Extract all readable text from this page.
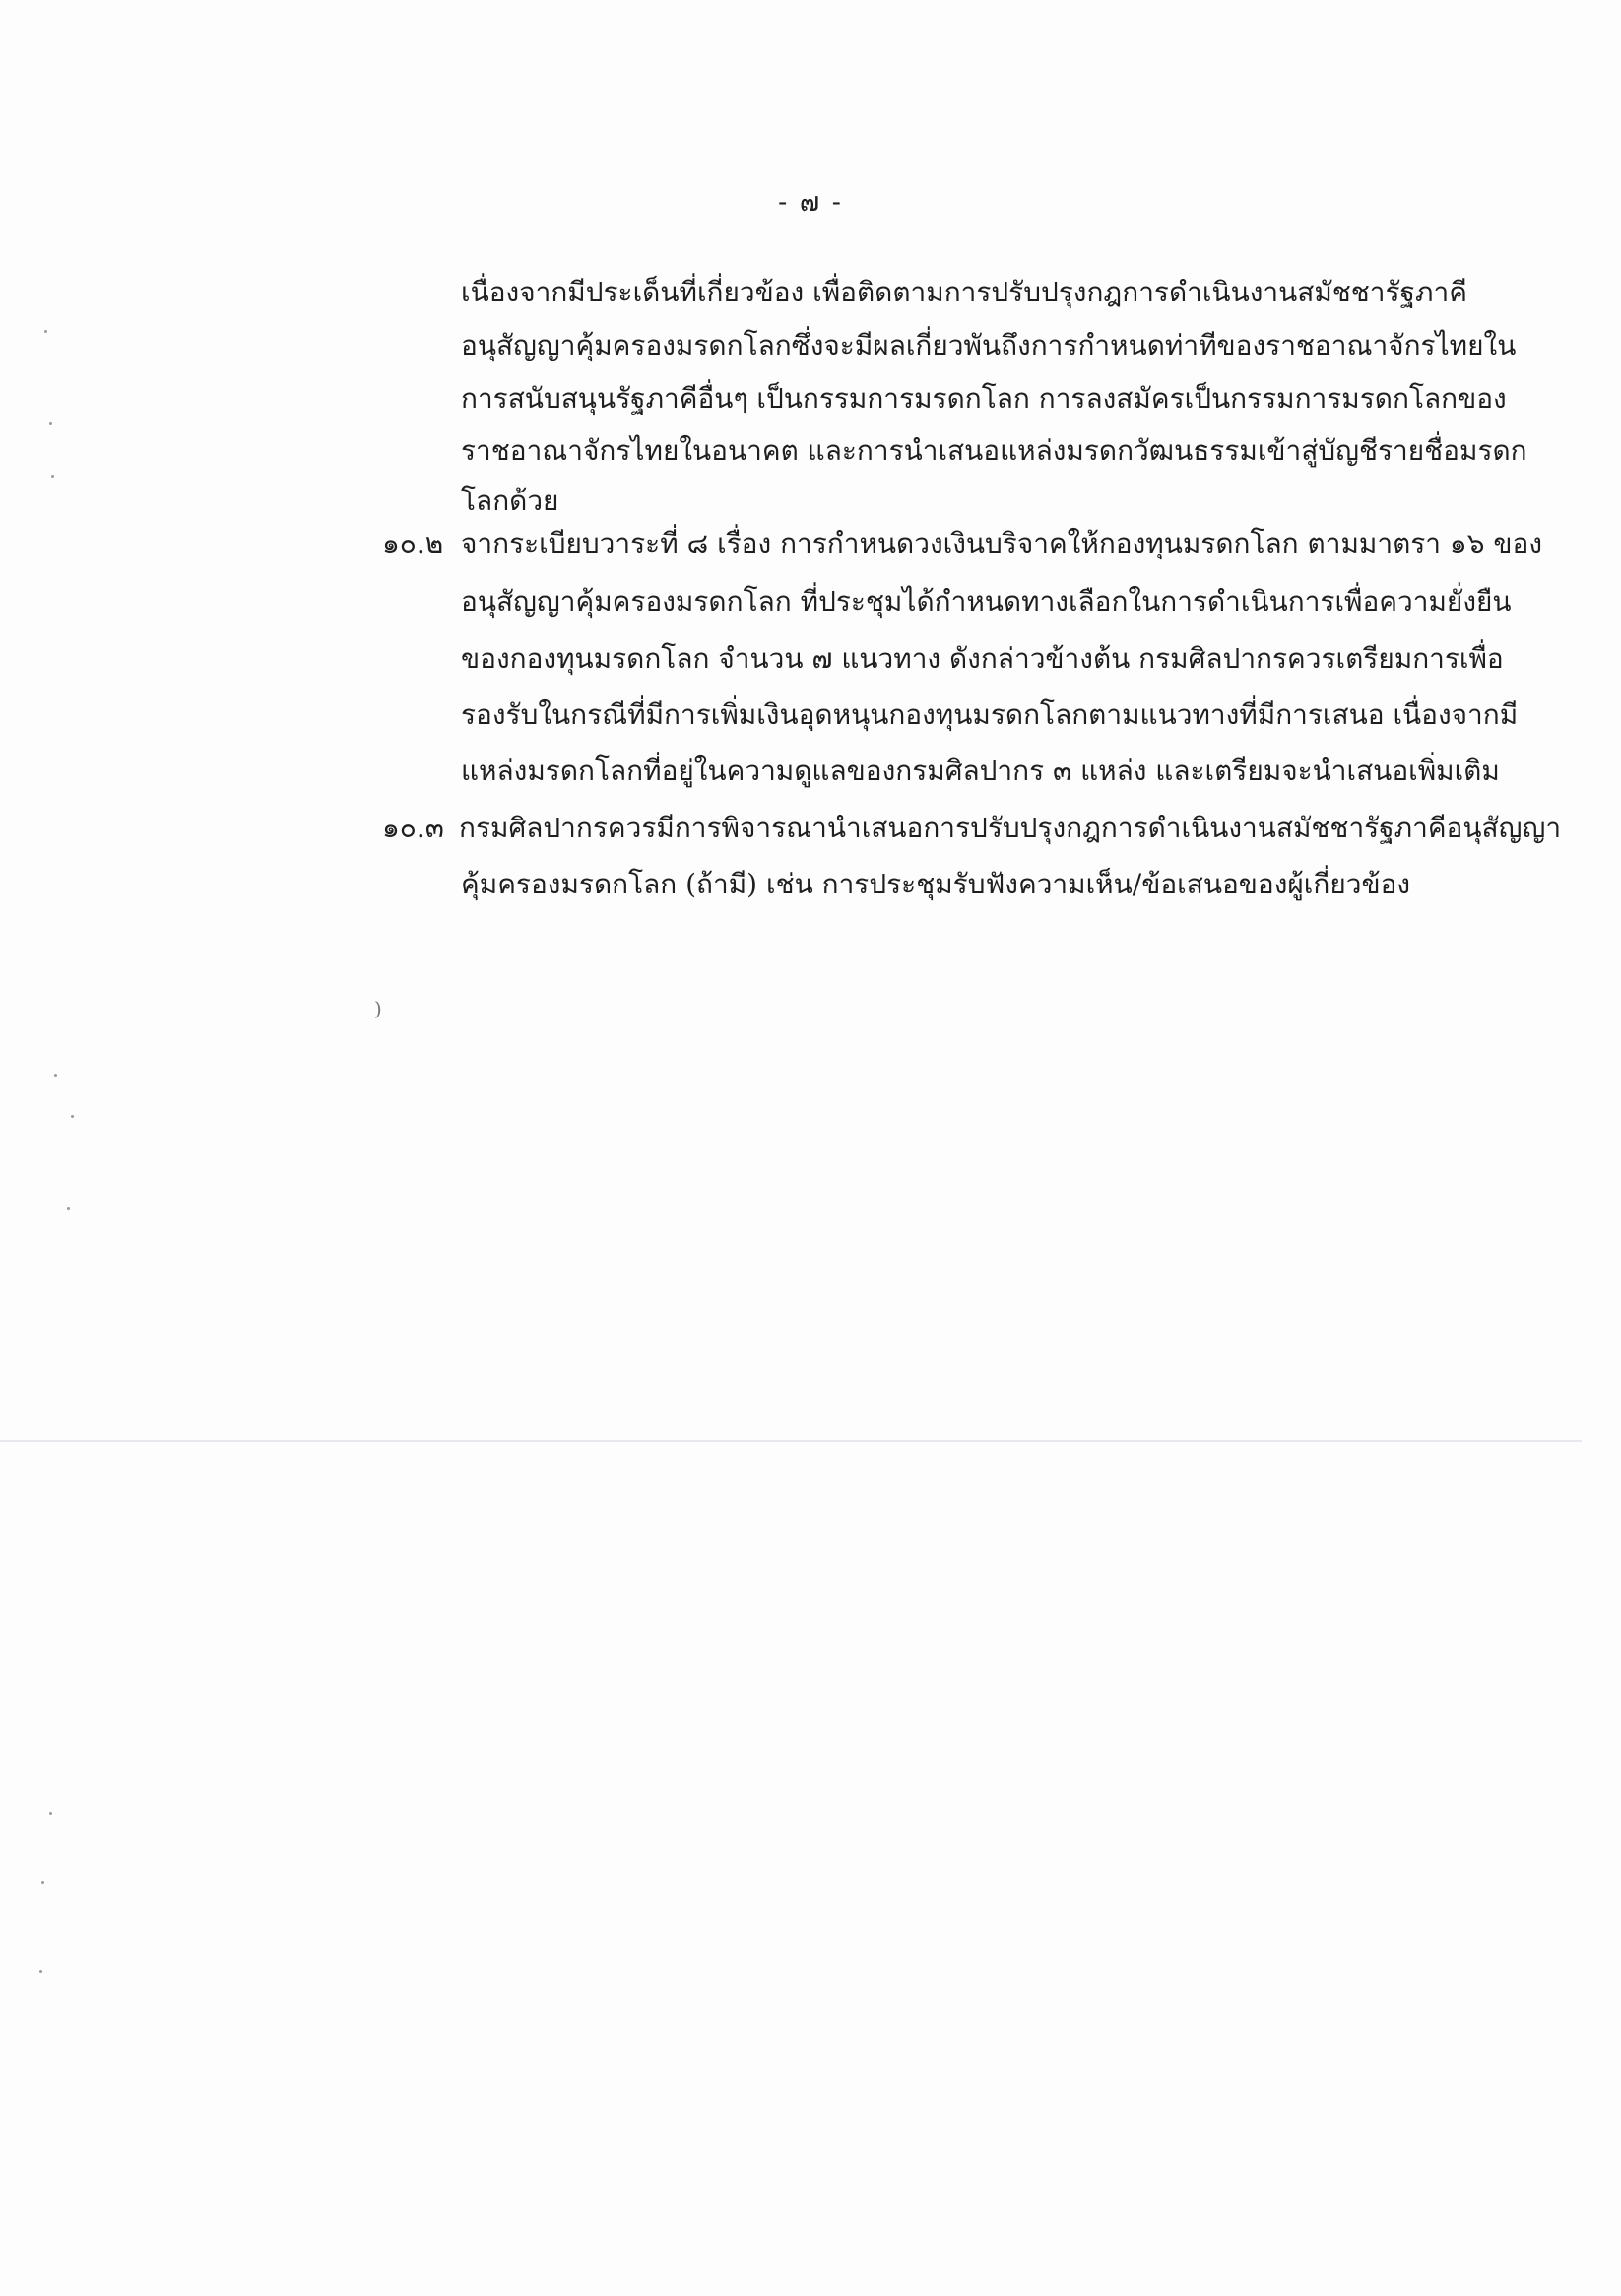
- ๗ -
เนื่องจากมีประเด็นที่เกี่ยวข้อง เพื่อติดตามการปรับปรุงกฎการดำเนินงานสมัชชารัฐภาคี
อนุสัญญาคุ้มครองมรดกโลกซึ่งจะมีผลเกี่ยวพันถึงการกำหนดท่าทีของราชอาณาจักรไทยใน
การสนับสนุนรัฐภาคีอื่นๆ เป็นกรรมการมรดกโลก การลงสมัครเป็นกรรมการมรดกโลกของ
ราชอาณาจักรไทยในอนาคต และการนำเสนอแหล่งมรดกวัฒนธรรมเข้าสู่บัญชีรายชื่อมรดก
โลกด้วย
๑๐.๒ จากระเบียบวาระที่ ๘ เรื่อง การกำหนดวงเงินบริจาคให้กองทุนมรดกโลก ตามมาตรา ๑๖ ของ
อนุสัญญาคุ้มครองมรดกโลก ที่ประชุมได้กำหนดทางเลือกในการดำเนินการเพื่อความยั่งยืน
ของกองทุนมรดกโลก จำนวน ๗ แนวทาง ดังกล่าวข้างต้น กรมศิลปากรควรเตรียมการเพื่อ
รองรับในกรณีที่มีการเพิ่มเงินอุดหนุนกองทุนมรดกโลกตามแนวทางที่มีการเสนอ เนื่องจากมี
แหล่งมรดกโลกที่อยู่ในความดูแลของกรมศิลปากร ๓ แหล่ง และเตรียมจะนำเสนอเพิ่มเติม
๑๐.๓ กรมศิลปากรควรมีการพิจารณานำเสนอการปรับปรุงกฎการดำเนินงานสมัชชารัฐภาคีอนุสัญญา
คุ้มครองมรดกโลก (ถ้ามี) เช่น การประชุมรับฟังความเห็น/ข้อเสนอของผู้เกี่ยวข้อง
)
